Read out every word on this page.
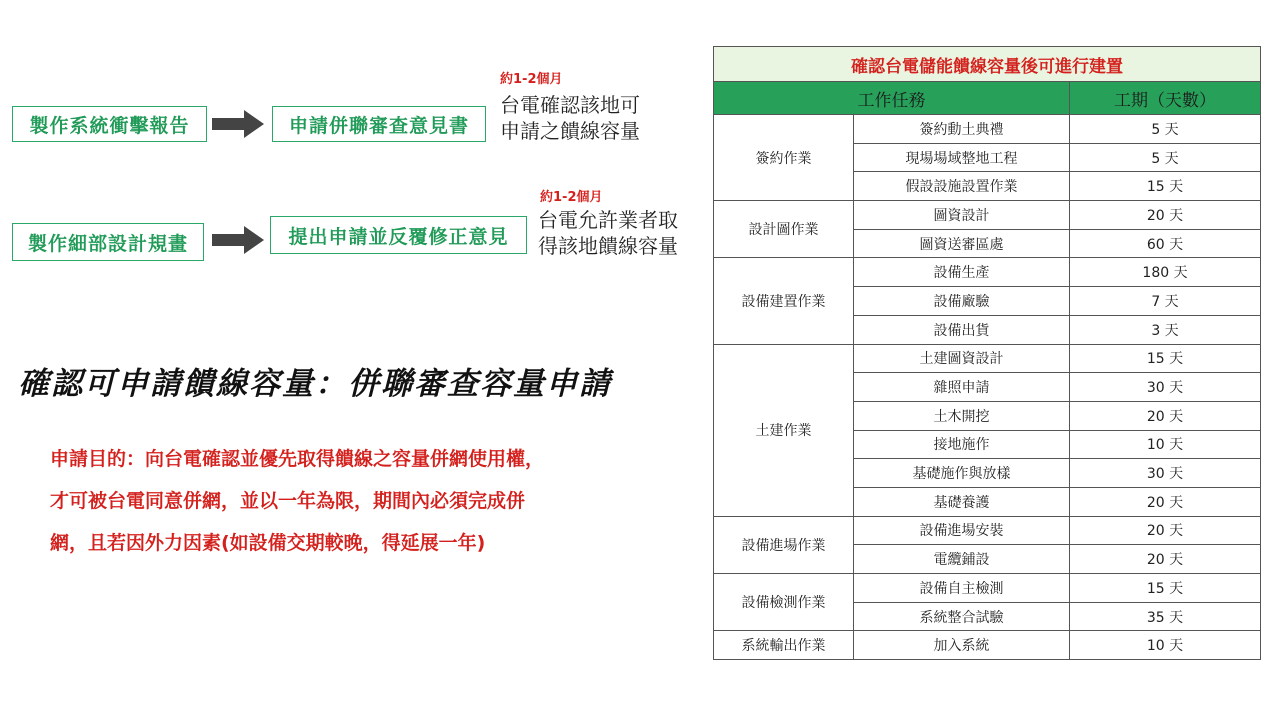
製作系統衝擊報告	申請併聯審查意見書
約1-2個月
台電確認該地可
申請之饋線容量
製作細部設計規畫	提出申請並反覆修正意見
約1-2個月
台電允許業者取
得該地饋線容量
確認可申請饋線容量：併聯審查容量申請
申請目的：向台電確認並優先取得饋線之容量併網使用權，
才可被台電同意併網，並以一年為限，期間內必須完成併
網，且若因外力因素(如設備交期較晚，得延展一年)
確認台電儲能饋線容量後可進行建置		
工作任務		工期（天數）
簽約作業	簽約動土典禮	5 天
	現場場域整地工程	5 天
	假設設施設置作業	15 天
設計圖作業	圖資設計	20 天
	圖資送審區處	60 天
設備建置作業	設備生產	180 天
	設備廠驗	7 天
	設備出貨	3 天
土建作業	土建圖資設計	15 天
	雜照申請	30 天
	土木開挖	20 天
	接地施作	10 天
	基礎施作與放樣	30 天
	基礎養護	20 天
設備進場作業	設備進場安裝	20 天
	電纜鋪設	20 天
設備檢測作業	設備自主檢測	15 天
	系統整合試驗	35 天
系統輸出作業	加入系統	10 天
